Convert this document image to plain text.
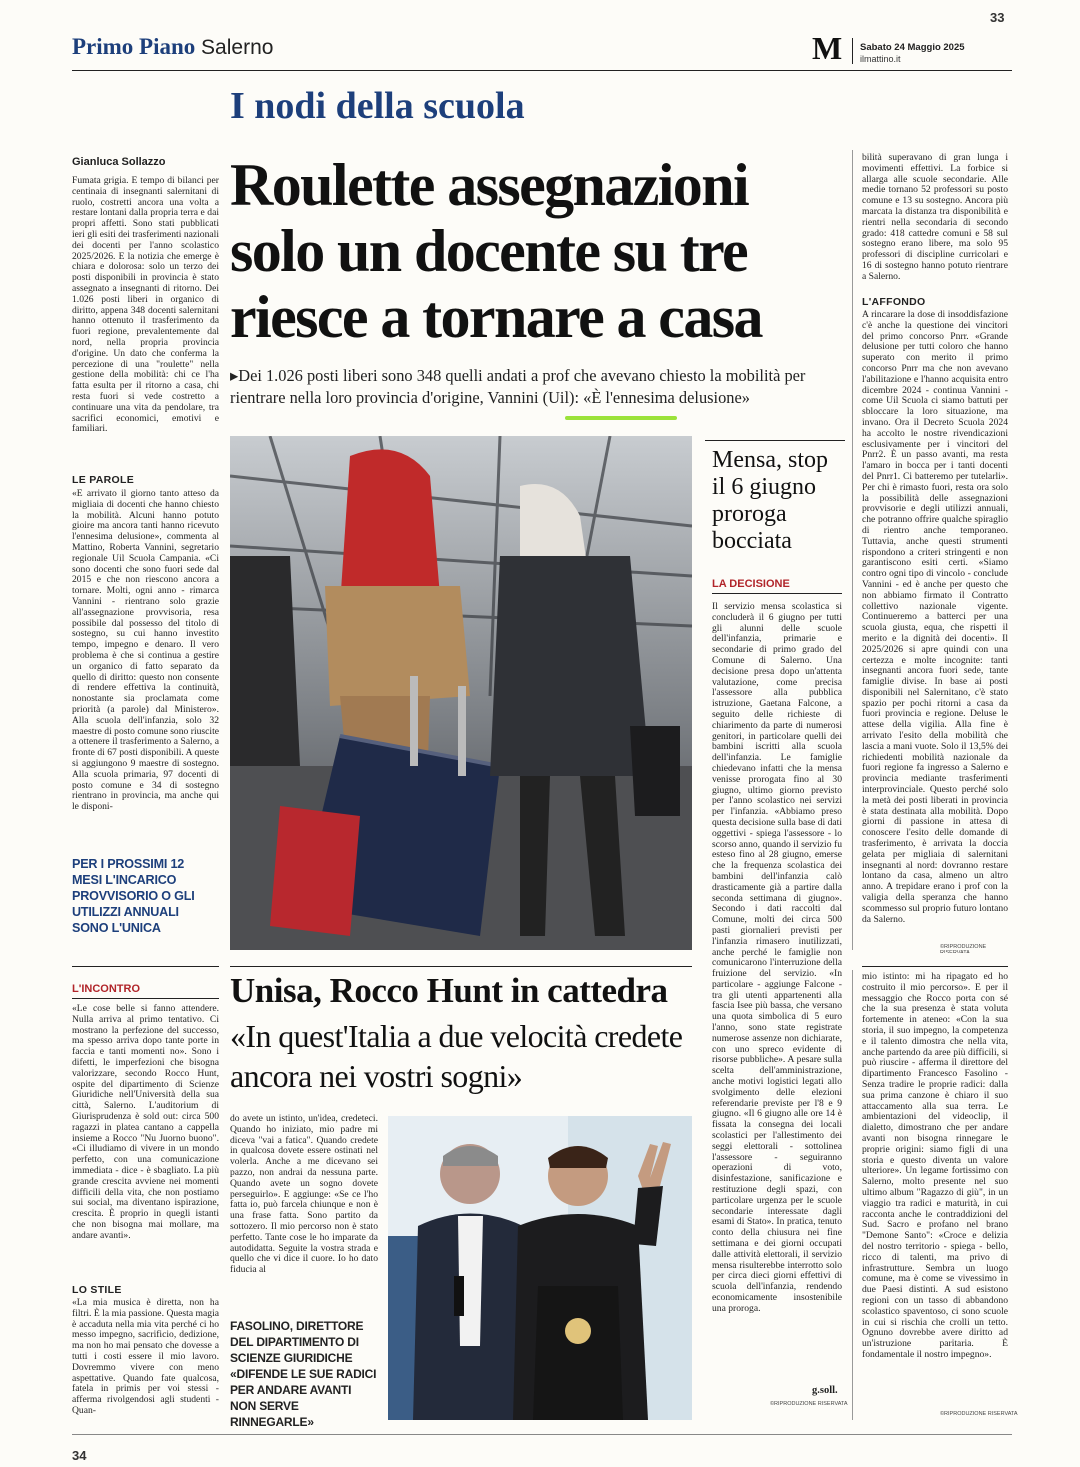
33
Primo Piano Salerno	M Sabato 24 Maggio 2025
ilmattino.it
I nodi della scuola
Gianluca Sollazzo

Fumata grigia. È tempo di bilanci per centinaia di insegnanti salernitani di ruolo, costretti ancora una volta a restare lontani dalla propria terra e dai propri affetti. Sono stati pubblicati ieri gli esiti dei trasferimenti nazionali dei docenti per l'anno scolastico 2025/2026. E la notizia che emerge è chiara e dolorosa: solo un terzo dei posti disponibili in provincia è stato assegnato a insegnanti di ritorno. Dei 1.026 posti liberi in organico di diritto, appena 348 docenti salernitani hanno ottenuto il trasferimento da fuori regione, prevalentemente dal nord, nella propria provincia d'origine. Un dato che conferma la percezione di una "roulette" nella gestione della mobilità: chi ce l'ha fatta esulta per il ritorno a casa, chi resta fuori si vede costretto a continuare una vita da pendolare, tra sacrifici economici, emotivi e familiari.

LE PAROLE

«È arrivato il giorno tanto atteso da migliaia di docenti che hanno chiesto la mobilità. Alcuni hanno potuto gioire ma ancora tanti hanno ricevuto l'ennesima delusione», commenta al Mattino, Roberta Vannini, segretario regionale Uil Scuola Campania. «Ci sono docenti che sono fuori sede dal 2015 e che non riescono ancora a tornare. Molti, ogni anno - rimarca Vannini - rientrano solo grazie all'assegnazione provvisoria, resa possibile dal possesso del titolo di sostegno, su cui hanno investito tempo, impegno e denaro. Il vero problema è che si continua a gestire un organico di fatto separato da quello di diritto: questo non consente di rendere effettiva la continuità, nonostante sia proclamata come priorità (a parole) dal Ministero». Alla scuola dell'infanzia, solo 32 maestre di posto comune sono riuscite a ottenere il trasferimento a Salerno, a fronte di 67 posti disponibili. A queste si aggiungono 9 maestre di sostegno. Alla scuola primaria, 97 docenti di posto comune e 34 di sostegno rientrano in provincia, ma anche qui le disponi-

PER I PROSSIMI 12 MESI L'INCARICO PROVVISORIO O GLI UTILIZZI ANNUALI SONO L'UNICA
Roulette assegnazioni solo un docente su tre riesce a tornare a casa
▸Dei 1.026 posti liberi sono 348 quelli andati a prof che avevano chiesto la mobilità per rientrare nella loro provincia d'origine, Vannini (Uil): «È l'ennesima delusione»
Mensa, stop il 6 giugno proroga bocciata
LA DECISIONE

Il servizio mensa scolastica si concluderà il 6 giugno per tutti gli alunni delle scuole dell'infanzia, primarie e secondarie di primo grado del Comune di Salerno. Una decisione presa dopo un'attenta valutazione, come precisa l'assessore alla pubblica istruzione, Gaetana Falcone, a seguito delle richieste di chiarimento da parte di numerosi genitori, in particolare quelli dei bambini iscritti alla scuola dell'infanzia. Le famiglie chiedevano infatti che la mensa venisse prorogata fino al 30 giugno, ultimo giorno previsto per l'anno scolastico nei servizi per l'infanzia. «Abbiamo preso questa decisione sulla base di dati oggettivi - spiega l'assessore - lo scorso anno, quando il servizio fu esteso fino al 28 giugno, emerse che la frequenza scolastica dei bambini dell'infanzia calò drasticamente già a partire dalla seconda settimana di giugno». Secondo i dati raccolti dal Comune, molti dei circa 500 pasti giornalieri previsti per l'infanzia rimasero inutilizzati, anche perché le famiglie non comunicarono l'interruzione della fruizione del servizio. «In particolare - aggiunge Falcone - tra gli utenti appartenenti alla fascia Isee più bassa, che versano una quota simbolica di 5 euro l'anno, sono state registrate numerose assenze non dichiarate, con uno spreco evidente di risorse pubbliche». A pesare sulla scelta dell'amministrazione, anche motivi logistici legati allo svolgimento delle elezioni referendarie previste per l'8 e 9 giugno. «Il 6 giugno alle ore 14 è fissata la consegna dei locali scolastici per l'allestimento dei seggi elettorali - sottolinea l'assessore - seguiranno operazioni di voto, disinfestazione, sanificazione e restituzione degli spazi, con particolare urgenza per le scuole secondarie interessate dagli esami di Stato». In pratica, tenuto conto della chiusura nei fine settimana e dei giorni occupati dalle attività elettorali, il servizio mensa risulterebbe interrotto solo per circa dieci giorni effettivi di scuola dell'infanzia, rendendo economicamente insostenibile una proroga.

g.soll.
©RIPRODUZIONE RISERVATA

bilità superavano di gran lunga i movimenti effettivi. La forbice si allarga alle scuole secondarie. Alle medie tornano 52 professori su posto comune e 13 su sostegno. Ancora più marcata la distanza tra disponibilità e rientri nella secondaria di secondo grado: 418 cattedre comuni e 58 sul sostegno erano libere, ma solo 95 professori di discipline curricolari e 16 di sostegno hanno potuto rientrare a Salerno.

L'AFFONDO

A rincarare la dose di insoddisfazione c'è anche la questione dei vincitori del primo concorso Pnrr. «Grande delusione per tutti coloro che hanno superato con merito il primo concorso Pnrr ma che non avevano l'abilitazione e l'hanno acquisita entro dicembre 2024 - continua Vannini - come Uil Scuola ci siamo battuti per sbloccare la loro situazione, ma invano. Ora il Decreto Scuola 2024 ha accolto le nostre rivendicazioni esclusivamente per i vincitori del Pnrr2. È un passo avanti, ma resta l'amaro in bocca per i tanti docenti del Pnrr1. Ci batteremo per tutelarli». Per chi è rimasto fuori, resta ora solo la possibilità delle assegnazioni provvisorie e degli utilizzi annuali, che potranno offrire qualche spiraglio di rientro anche temporaneo. Tuttavia, anche questi strumenti rispondono a criteri stringenti e non garantiscono esiti certi. «Siamo contro ogni tipo di vincolo - conclude Vannini - ed è anche per questo che non abbiamo firmato il Contratto collettivo nazionale vigente. Continueremo a batterci per una scuola giusta, equa, che rispetti il merito e la dignità dei docenti». Il 2025/2026 si apre quindi con una certezza e molte incognite: tanti insegnanti ancora fuori sede, tante famiglie divise. In base ai posti disponibili nel Salernitano, c'è stato spazio per pochi ritorni a casa da fuori provincia e regione. Deluse le attese della vigilia. Alla fine è arrivato l'esito della mobilità che lascia a mani vuote. Solo il 13,5% dei richiedenti mobilità nazionale da fuori regione fa ingresso a Salerno e provincia mediante trasferimenti interprovinciale. Questo perché solo la metà dei posti liberati in provincia è stata destinata alla mobilità. Dopo giorni di passione in attesa di conoscere l'esito delle domande di trasferimento, è arrivata la doccia gelata per migliaia di salernitani insegnanti al nord: dovranno restare lontano da casa, almeno un altro anno. A trepidare erano i prof con la valigia della speranza che hanno scommesso sul proprio futuro lontano da Salerno.

©RIPRODUZIONE RISERVATA
L'INCONTRO

«Le cose belle si fanno attendere. Nulla arriva al primo tentativo. Ci mostrano la perfezione del successo, ma spesso arriva dopo tante porte in faccia e tanti momenti no». Sono i difetti, le imperfezioni che bisogna valorizzare, secondo Rocco Hunt, ospite del dipartimento di Scienze Giuridiche nell'Università della sua città, Salerno. L'auditorium di Giurisprudenza è sold out: circa 500 ragazzi in platea cantano a cappella insieme a Rocco "Nu Juorno buono". «Ci illudiamo di vivere in un mondo perfetto, con una comunicazione immediata - dice - è sbagliato. La più grande crescita avviene nei momenti difficili della vita, che non postiamo sui social, ma diventano ispirazione, crescita. È proprio in quegli istanti che non bisogna mai mollare, ma andare avanti».

LO STILE

«La mia musica è diretta, non ha filtri. È la mia passione. Questa magia è accaduta nella mia vita perché ci ho messo impegno, sacrificio, dedizione, ma non ho mai pensato che dovesse a tutti i costi essere il mio lavoro. Dovremmo vivere con meno aspettative. Quando fate qualcosa, fatela in primis per voi stessi - afferma rivolgendosi agli studenti - Quan-

Unisa, Rocco Hunt in cattedra
«In quest'Italia a due velocità credete ancora nei vostri sogni»

do avete un istinto, un'idea, credeteci. Quando ho iniziato, mio padre mi diceva "vai a fatica". Quando credete in qualcosa dovete essere ostinati nel volerla. Anche a me dicevano sei pazzo, non andrai da nessuna parte. Quando avete un sogno dovete perseguirlo». E aggiunge: «Se ce l'ho fatta io, può farcela chiunque e non è una frase fatta. Sono partito da sottozero. Il mio percorso non è stato perfetto. Tante cose le ho imparate da autodidatta. Seguite la vostra strada e quello che vi dice il cuore. Io ho dato fiducia al

FASOLINO, DIRETTORE DEL DIPARTIMENTO DI SCIENZE GIURIDICHE «DIFENDE LE SUE RADICI PER ANDARE AVANTI NON SERVE RINNEGARLE»

mio istinto: mi ha ripagato ed ho costruito il mio percorso». E per il messaggio che Rocco porta con sé che la sua presenza è stata voluta fortemente in ateneo: «Con la sua storia, il suo impegno, la competenza e il talento dimostra che nella vita, anche partendo da aree più difficili, si può riuscire - afferma il direttore del dipartimento Francesco Fasolino - Senza tradire le proprie radici: dalla sua prima canzone è chiaro il suo attaccamento alla sua terra. Le ambientazioni del videoclip, il dialetto, dimostrano che per andare avanti non bisogna rinnegare le proprie origini: siamo figli di una storia e questo diventa un valore ulteriore». Un legame fortissimo con Salerno, molto presente nel suo ultimo album "Ragazzo di giù", in un viaggio tra radici e maturità, in cui racconta anche le contraddizioni del Sud. Sacro e profano nel brano "Demone Santo": «Croce e delizia del nostro territorio - spiega - bello, ricco di talenti, ma privo di infrastrutture. Sembra un luogo comune, ma è come se vivessimo in due Paesi distinti. A sud esistono regioni con un tasso di abbandono scolastico spaventoso, ci sono scuole in cui si rischia che crolli un tetto. Ognuno dovrebbe avere diritto ad un'istruzione paritaria. È fondamentale il nostro impegno».

©RIPRODUZIONE RISERVATA
34
